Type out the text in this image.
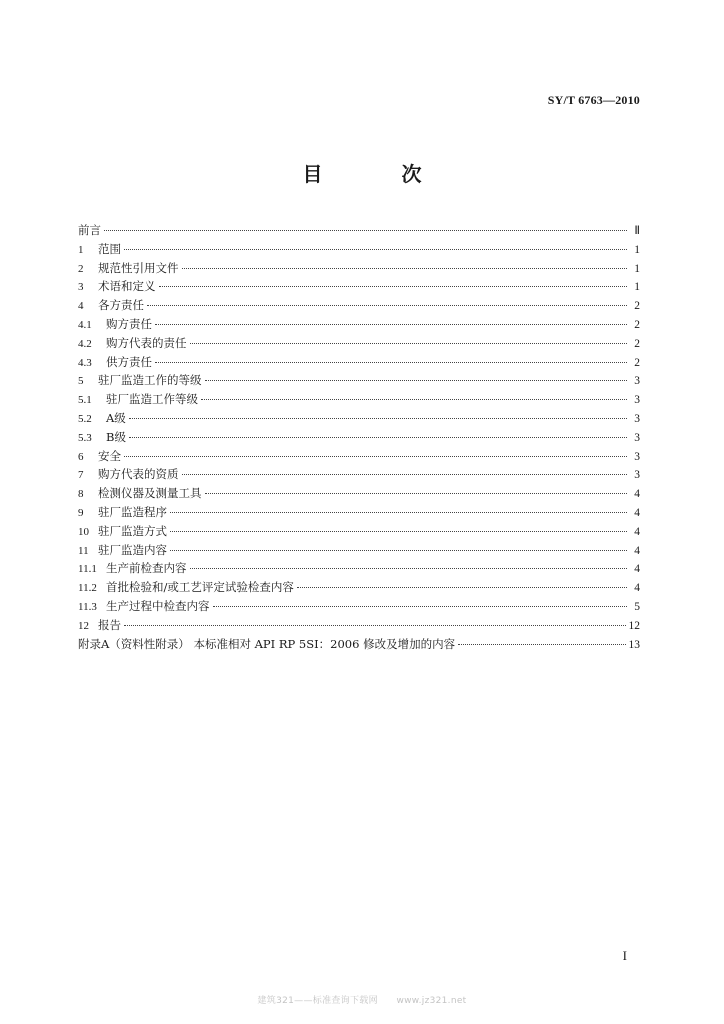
SY/T 6763—2010
目 次
前言	Ⅱ
1	范围	1
2	规范性引用文件	1
3	术语和定义	1
4	各方责任	2
4.1	购方责任	2
4.2	购方代表的责任	2
4.3	供方责任	2
5	驻厂监造工作的等级	3
5.1	驻厂监造工作等级	3
5.2	A级	3
5.3	B级	3
6	安全	3
7	购方代表的资质	3
8	检测仪器及测量工具	4
9	驻厂监造程序	4
10 驻厂监造方式	4
11 驻厂监造内容	4
11.1 生产前检查内容	4
11.2 首批检验和/或工艺评定试验检查内容	4
11.3 生产过程中检查内容	5
12 报告	12
附录A（资料性附录） 本标准相对 API RP 5SI：2006 修改及增加的内容	13
I
建筑321——标准查询下载网　　www.jz321.net
